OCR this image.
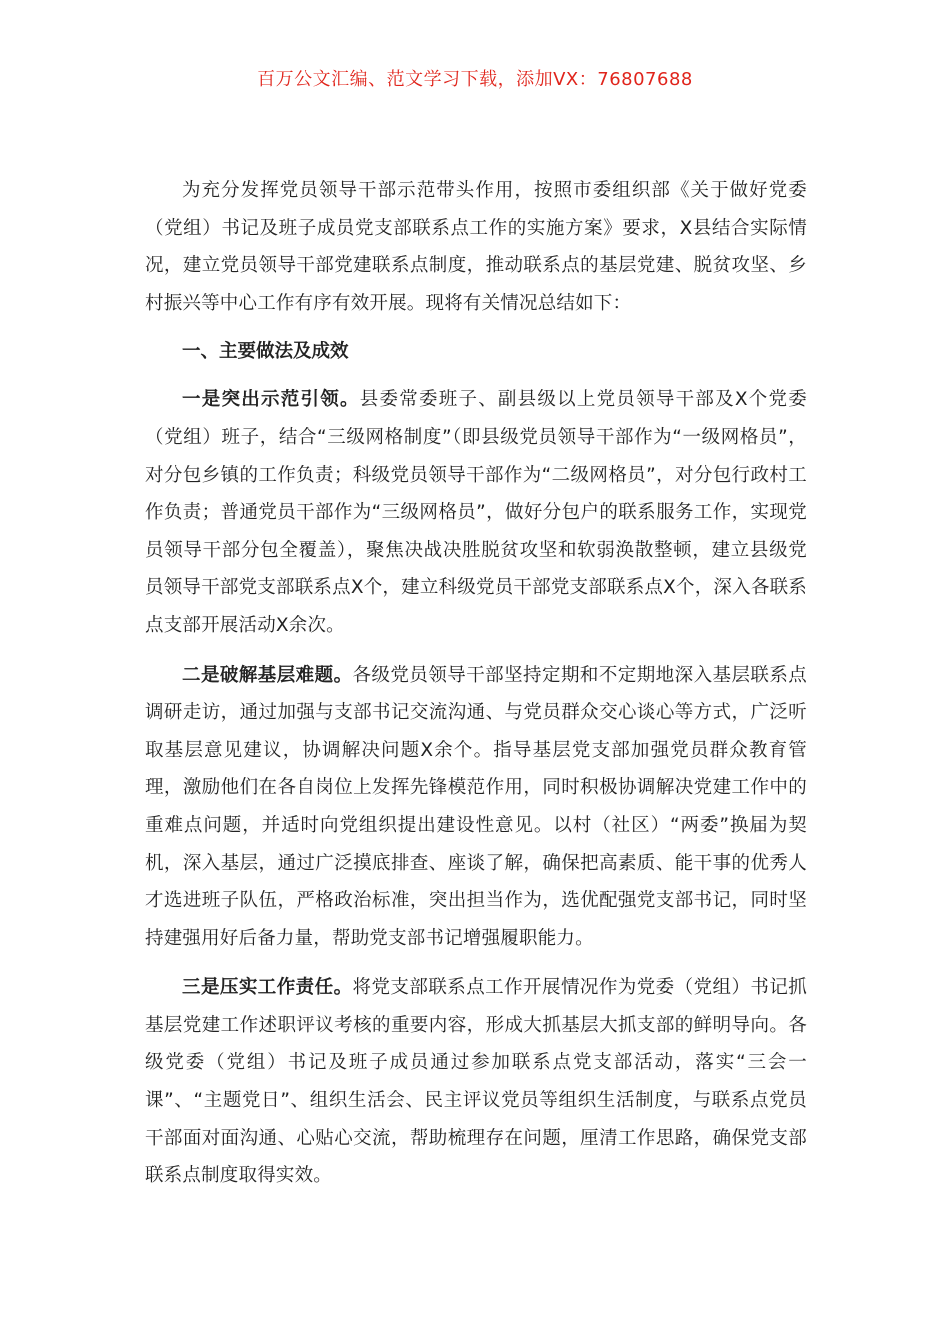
百万公文汇编、范文学习下载，添加VX：76807688

为充分发挥党员领导干部示范带头作用，按照市委组织部《关于做好党委（党组）书记及班子成员党支部联系点工作的实施方案》要求，X县结合实际情况，建立党员领导干部党建联系点制度，推动联系点的基层党建、脱贫攻坚、乡村振兴等中心工作有序有效开展。现将有关情况总结如下：

一、主要做法及成效

一是突出示范引领。县委常委班子、副县级以上党员领导干部及X个党委（党组）班子，结合“三级网格制度”（即县级党员领导干部作为“一级网格员”，对分包乡镇的工作负责；科级党员领导干部作为“二级网格员”，对分包行政村工作负责；普通党员干部作为“三级网格员”，做好分包户的联系服务工作，实现党员领导干部分包全覆盖），聚焦决战决胜脱贫攻坚和软弱涣散整顿，建立县级党员领导干部党支部联系点X个，建立科级党员干部党支部联系点X个，深入各联系点支部开展活动X余次。

二是破解基层难题。各级党员领导干部坚持定期和不定期地深入基层联系点调研走访，通过加强与支部书记交流沟通、与党员群众交心谈心等方式，广泛听取基层意见建议，协调解决问题X余个。指导基层党支部加强党员群众教育管理，激励他们在各自岗位上发挥先锋模范作用，同时积极协调解决党建工作中的重难点问题，并适时向党组织提出建设性意见。以村（社区）“两委”换届为契机，深入基层，通过广泛摸底排查、座谈了解，确保把高素质、能干事的优秀人才选进班子队伍，严格政治标准，突出担当作为，选优配强党支部书记，同时坚持建强用好后备力量，帮助党支部书记增强履职能力。

三是压实工作责任。将党支部联系点工作开展情况作为党委（党组）书记抓基层党建工作述职评议考核的重要内容，形成大抓基层大抓支部的鲜明导向。各级党委（党组）书记及班子成员通过参加联系点党支部活动，落实“三会一课”、“主题党日”、组织生活会、民主评议党员等组织生活制度，与联系点党员干部面对面沟通、心贴心交流，帮助梳理存在问题，厘清工作思路，确保党支部联系点制度取得实效。
